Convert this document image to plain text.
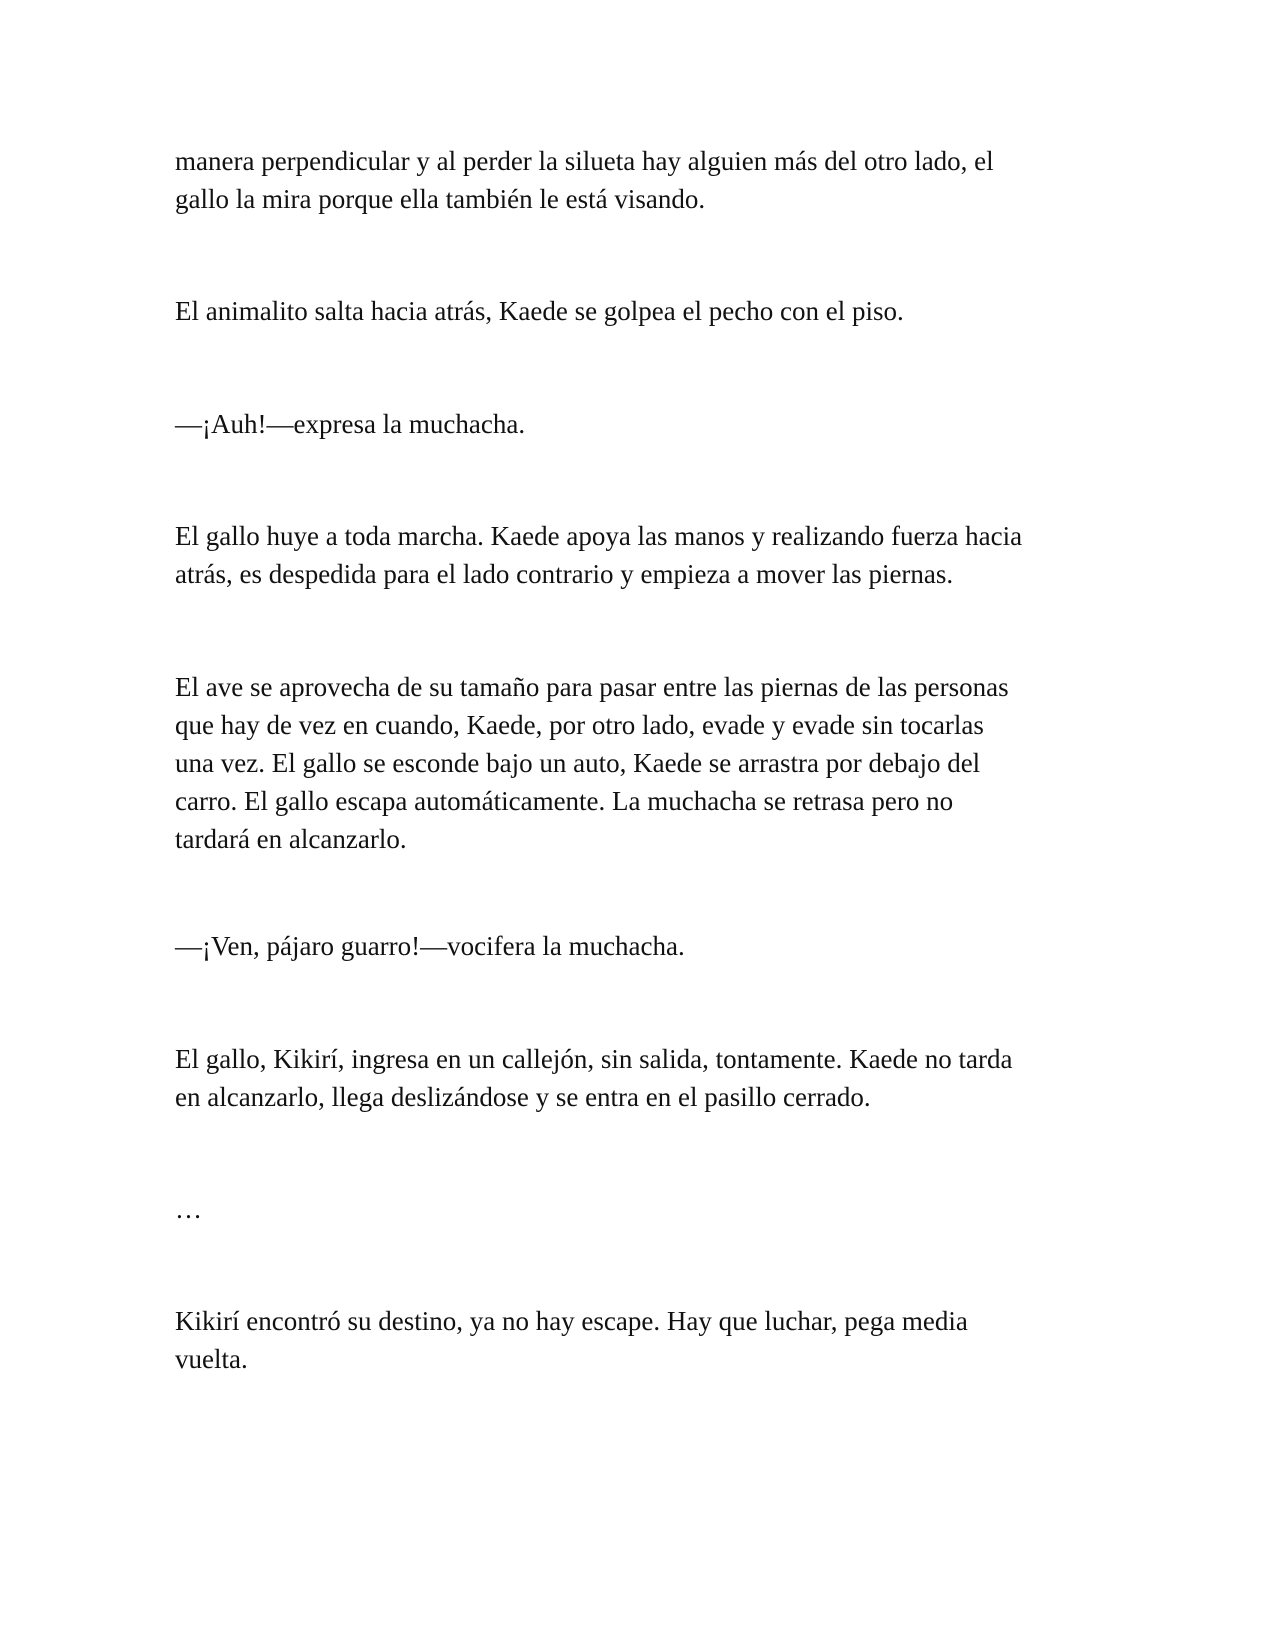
manera perpendicular y al perder la silueta hay alguien más del otro lado, el
gallo la mira porque ella también le está visando.

El animalito salta hacia atrás, Kaede se golpea el pecho con el piso.

—¡Auh!—expresa la muchacha.

El gallo huye a toda marcha. Kaede apoya las manos y realizando fuerza hacia
atrás, es despedida para el lado contrario y empieza a mover las piernas.

El ave se aprovecha de su tamaño para pasar entre las piernas de las personas
que hay de vez en cuando, Kaede, por otro lado, evade y evade sin tocarlas
una vez. El gallo se esconde bajo un auto, Kaede se arrastra por debajo del
carro. El gallo escapa automáticamente. La muchacha se retrasa pero no
tardará en alcanzarlo.

—¡Ven, pájaro guarro!—vocifera la muchacha.

El gallo, Kikirí, ingresa en un callejón, sin salida, tontamente. Kaede no tarda
en alcanzarlo, llega deslizándose y se entra en el pasillo cerrado.

…

Kikirí encontró su destino, ya no hay escape. Hay que luchar, pega media
vuelta.
